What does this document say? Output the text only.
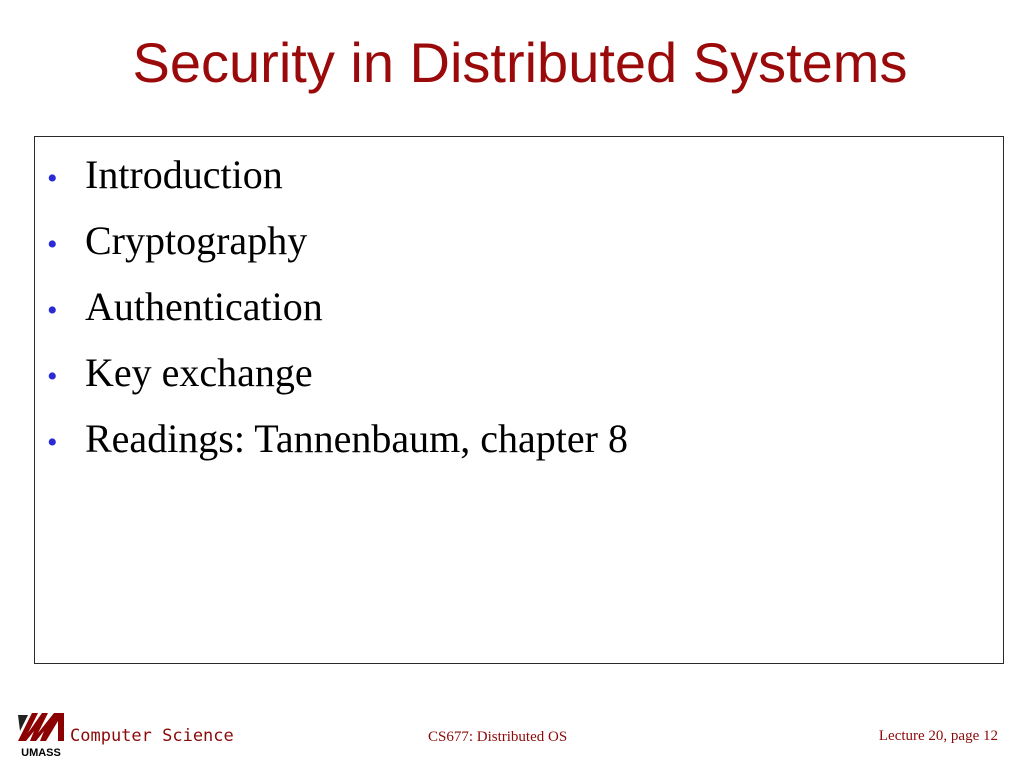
Security in Distributed Systems
• Introduction
• Cryptography
• Authentication
• Key exchange
• Readings: Tannenbaum, chapter 8
UMASS
Computer Science	CS677: Distributed OS	Lecture 20, page 12
